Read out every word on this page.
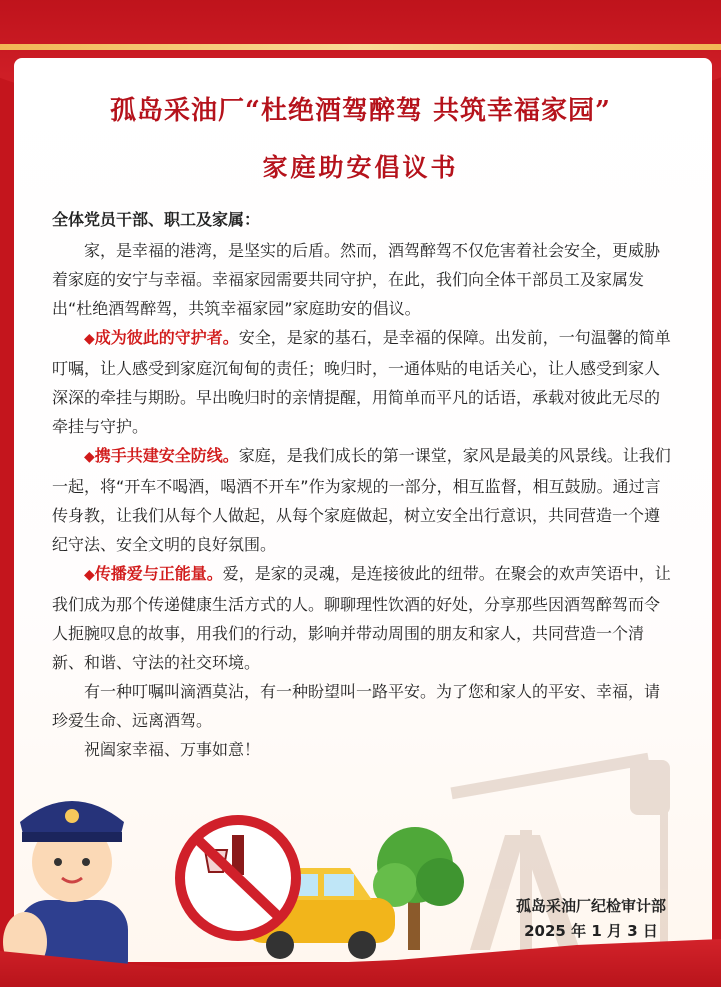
孤岛采油厂“杜绝酒驾醉驾 共筑幸福家园”
家庭助安倡议书
全体党员干部、职工及家属：

家，是幸福的港湾，是坚实的后盾。然而，酒驾醉驾不仅危害着社会安全，更威胁着家庭的安宁与幸福。幸福家园需要共同守护，在此，我们向全体干部员工及家属发出“杜绝酒驾醉驾，共筑幸福家园”家庭助安的倡议。

◆成为彼此的守护者。安全，是家的基石，是幸福的保障。出发前，一句温馨的简单叮嘱，让人感受到家庭沉甸甸的责任；晚归时，一通体贴的电话关心，让人感受到家人深深的牵挂与期盼。早出晚归时的亲情提醒，用简单而平凡的话语，承载对彼此无尽的牵挂与守护。

◆携手共建安全防线。家庭，是我们成长的第一课堂，家风是最美的风景线。让我们一起，将“开车不喝酒，喝酒不开车”作为家规的一部分，相互监督，相互鼓励。通过言传身教，让我们从每个人做起，从每个家庭做起，树立安全出行意识，共同营造一个遵纪守法、安全文明的良好氛围。

◆传播爱与正能量。爱，是家的灵魂，是连接彼此的纽带。在聚会的欢声笑语中，让我们成为那个传递健康生活方式的人。聊聊理性饮酒的好处，分享那些因酒驾醉驾而令人扼腕叹息的故事，用我们的行动，影响并带动周围的朋友和家人，共同营造一个清新、和谐、守法的社交环境。

有一种叮嘱叫滴酒莫沾，有一种盼望叫一路平安。为了您和家人的平安、幸福，请珍爱生命、远离酒驾。

祝阖家幸福、万事如意！

孤岛采油厂纪检审计部
2025 年 1 月 3 日
